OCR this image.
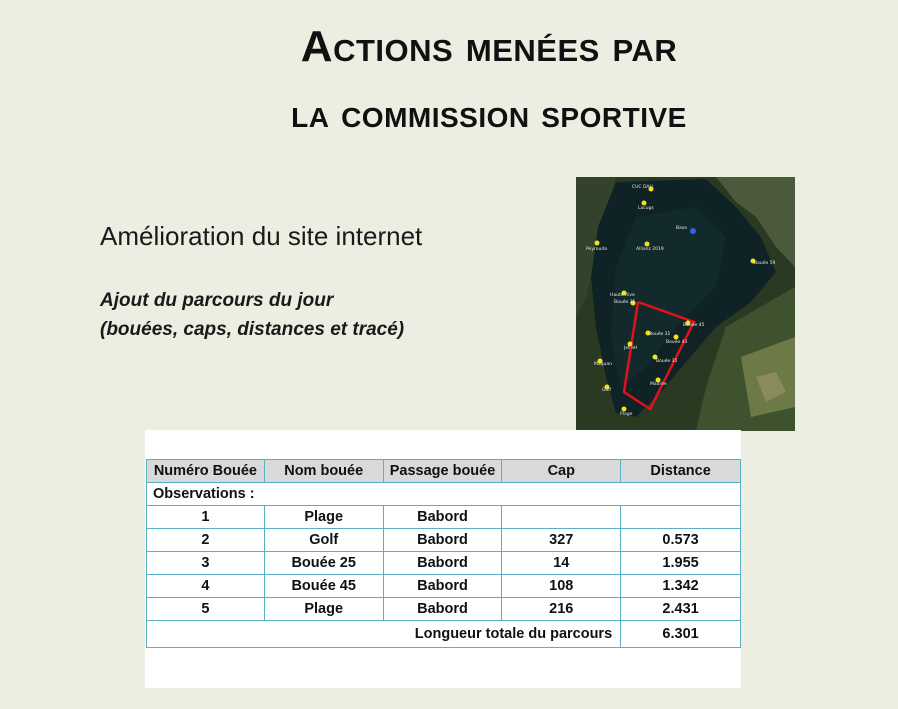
Actions menées par
la commission sportive
Amélioration du site internet
Ajout du parcours du jour
(bouées, caps, distances et tracé)
CUC DAU
Lacugs
Base
Peyrouda	Allianz 2019
Bouée 59
Haute Rive
Bouée 25
Bouée 45
Bouée 31
Jet eH
Bouée 43
Bouée 35
Maquan
Maurée
Golf
Plage
Numéro Bouée	Nom bouée	Passage bouée	Cap	Distance
Observations :				
1	Plage	Babord		
2	Golf	Babord	327	0.573
3	Bouée 25	Babord	14	1.955
4	Bouée 45	Babord	108	1.342
5	Plage	Babord	216	2.431
Longueur totale du parcours				6.301
